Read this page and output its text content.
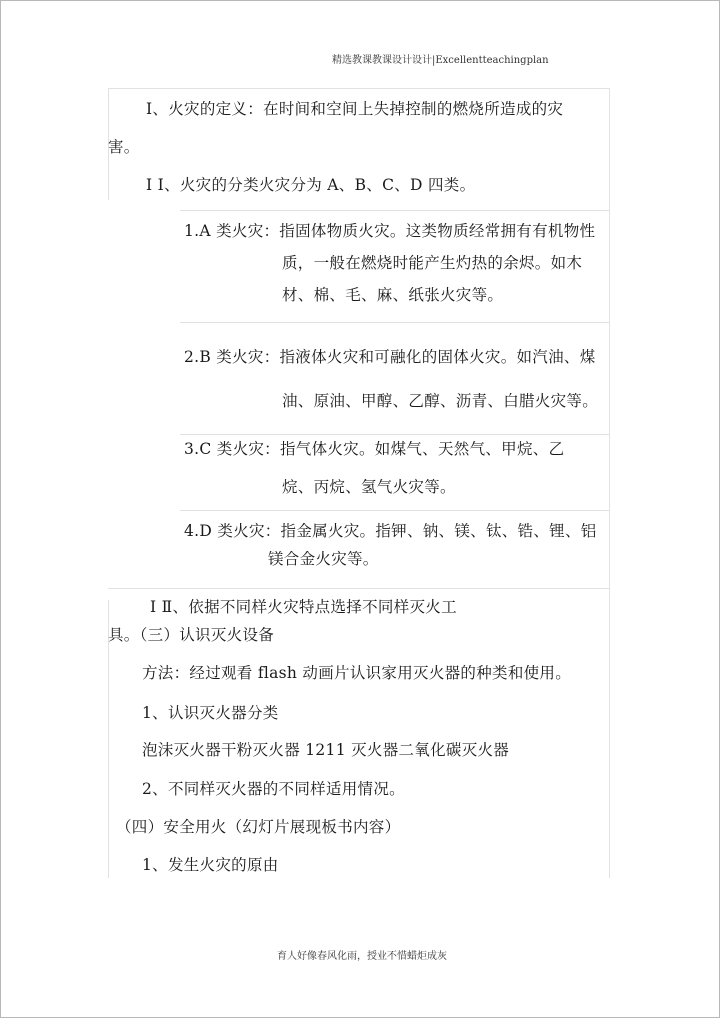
精选教课教课设计设计|Excellentteachingplan
Ⅰ、火灾的定义：在时间和空间上失掉控制的燃烧所造成的灾
害。
Ⅰ Ⅰ、火灾的分类火灾分为 A、B、C、D 四类。
1.A 类火灾：指固体物质火灾。这类物质经常拥有有机物性
质，一般在燃烧时能产生灼热的余烬。如木
材、棉、毛、麻、纸张火灾等。
2.B 类火灾：指液体火灾和可融化的固体火灾。如汽油、煤
油、原油、甲醇、乙醇、沥青、白腊火灾等。
3.C 类火灾：指气体火灾。如煤气、天然气、甲烷、乙
烷、丙烷、氢气火灾等。
4.D 类火灾：指金属火灾。指钾、钠、镁、钛、锆、锂、铝
镁合金火灾等。
Ⅰ Ⅱ、依据不同样火灾特点选择不同样灭火工
具。（三）认识灭火设备
方法：经过观看 flash 动画片认识家用灭火器的种类和使用。
1、认识灭火器分类
泡沫灭火器干粉灭火器 1211 灭火器二氧化碳灭火器
2、不同样灭火器的不同样适用情况。
（四）安全用火（幻灯片展现板书内容）
1、发生火灾的原由
育人好像春风化雨，授业不惜蜡炬成灰
